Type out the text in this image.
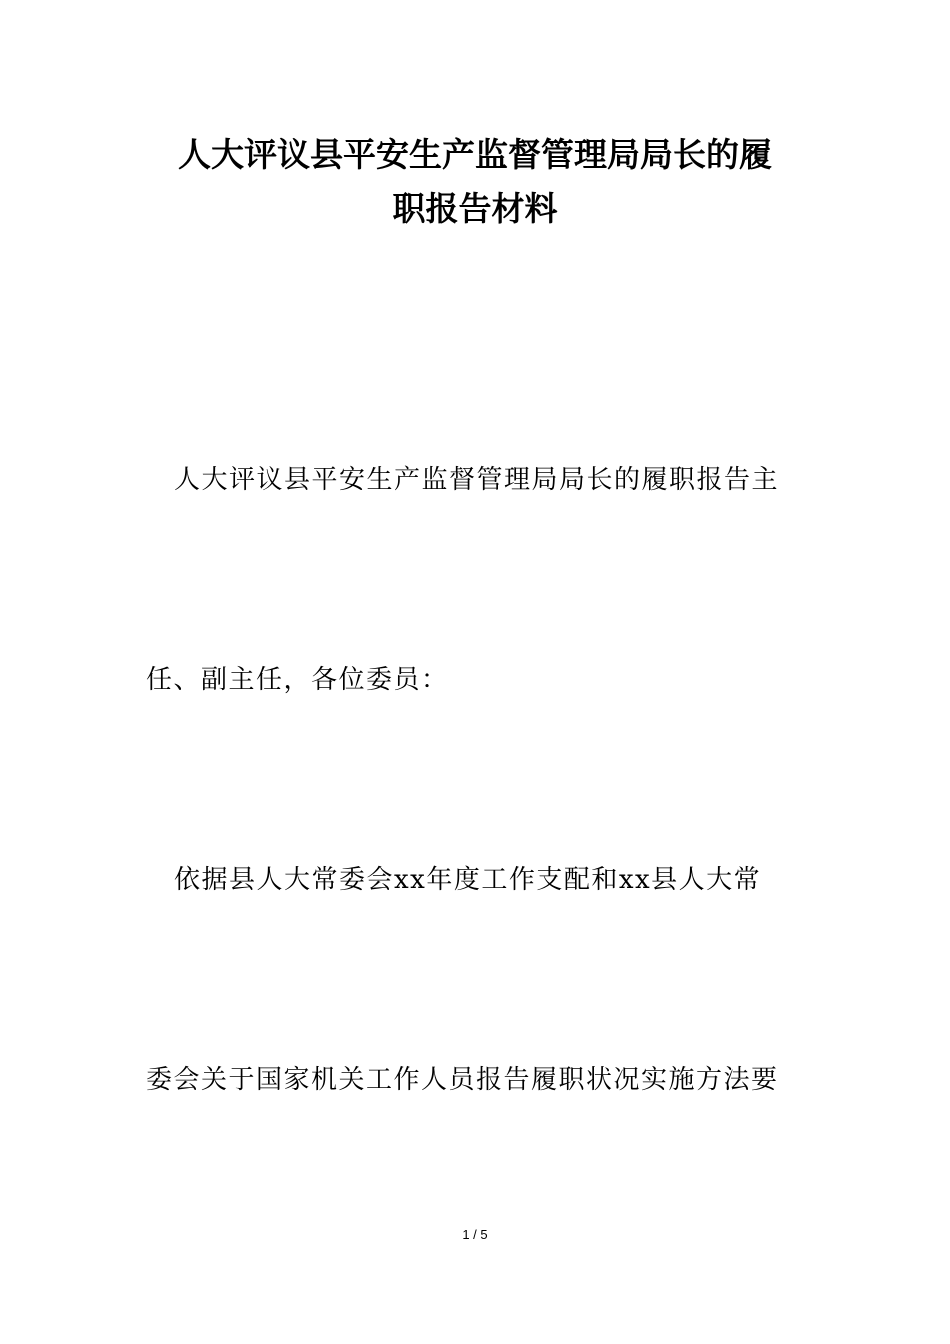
人大评议县平安生产监督管理局局长的履
职报告材料
人大评议县平安生产监督管理局局长的履职报告主
任、副主任，各位委员：
依据县人大常委会xx年度工作支配和xx县人大常
委会关于国家机关工作人员报告履职状况实施方法要
1 / 5
